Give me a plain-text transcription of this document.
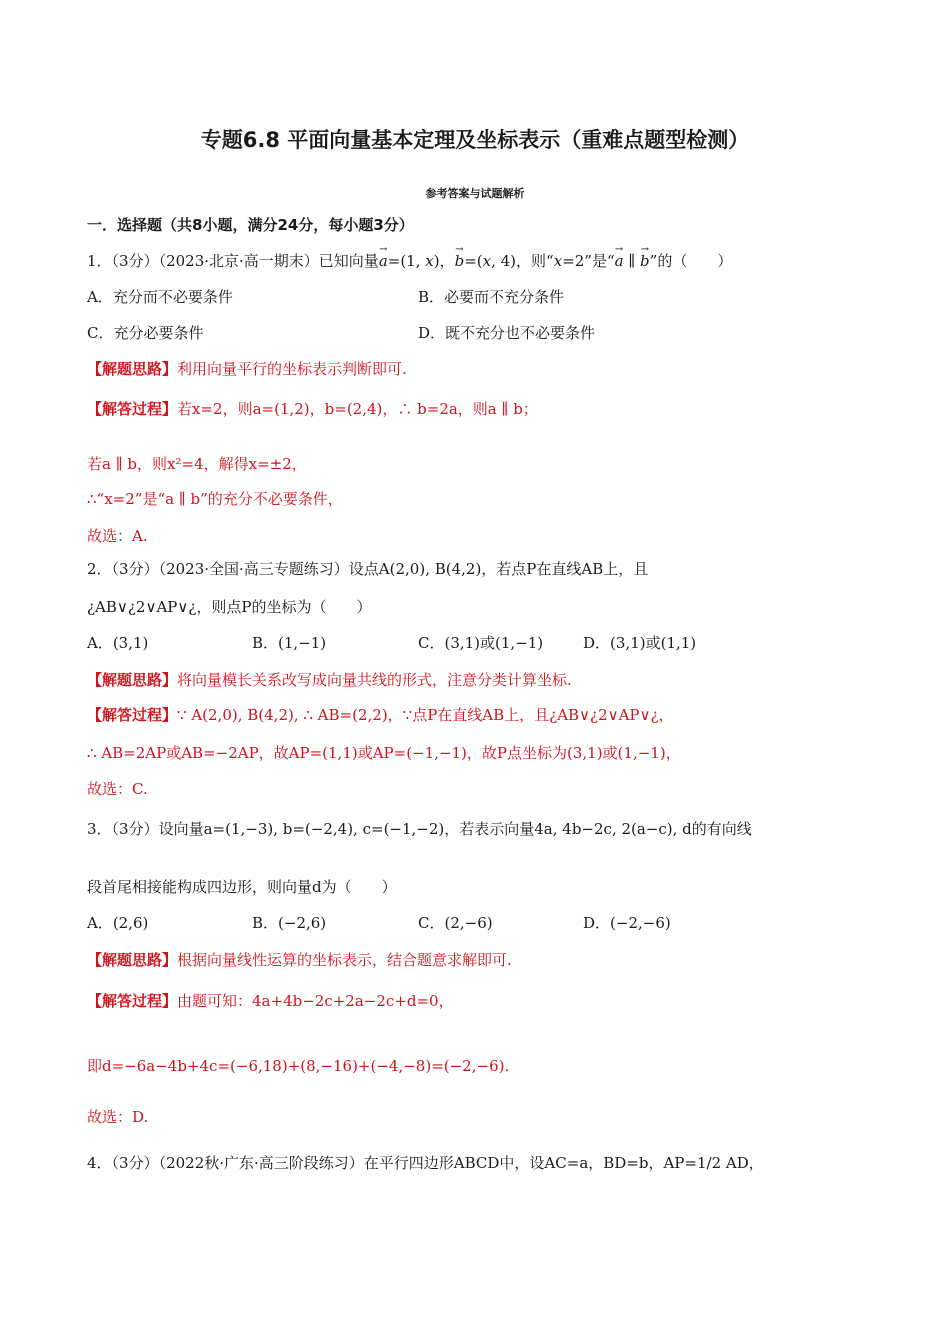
专题6.8 平面向量基本定理及坐标表示（重难点题型检测）
参考答案与试题解析
一．选择题（共8小题，满分24分，每小题3分）
1．（3分）（2023·北京·高一期末）已知向量→ a=(1, x)，→ b=(x, 4)，则“x=2”是“→ a ∥ → b”的（　　）
A．充分而不必要条件	B．必要而不充分条件
C．充分必要条件	D．既不充分也不必要条件
【解题思路】利用向量平行的坐标表示判断即可.
【解答过程】若x=2，则a=(1,2)，b=(2,4)，∴ b=2a，则a ∥ b；
若a ∥ b，则x²=4，解得x=±2，
∴“x=2”是“a ∥ b”的充分不必要条件，
故选：A.
2．（3分）（2023·全国·高三专题练习）设点A(2,0), B(4,2)，若点P在直线AB上，且
¿AB∨¿2∨AP∨¿，则点P的坐标为（　　）
A．(3,1)	B．(1,−1)	C．(3,1)或(1,−1)	D．(3,1)或(1,1)
【解题思路】将向量模长关系改写成向量共线的形式，注意分类计算坐标.
【解答过程】∵ A(2,0), B(4,2), ∴ AB=(2,2)，∵点P在直线AB上，且¿AB∨¿2∨AP∨¿，
∴ AB=2AP或AB=−2AP，故AP=(1,1)或AP=(−1,−1)，故P点坐标为(3,1)或(1,−1)，
故选：C.
3．（3分）设向量a=(1,−3), b=(−2,4), c=(−1,−2)，若表示向量4a, 4b−2c, 2(a−c), d的有向线
段首尾相接能构成四边形，则向量d为（　　）
A．(2,6)	B．(−2,6)	C．(2,−6)	D．(−2,−6)
【解题思路】根据向量线性运算的坐标表示，结合题意求解即可.
【解答过程】由题可知：4a+4b−2c+2a−2c+d=0，
即d=−6a−4b+4c=(−6,18)+(8,−16)+(−4,−8)=(−2,−6).
故选：D.
4．（3分）（2022秋·广东·高三阶段练习）在平行四边形ABCD中，设AC=a，BD=b，AP=1/2 AD，
